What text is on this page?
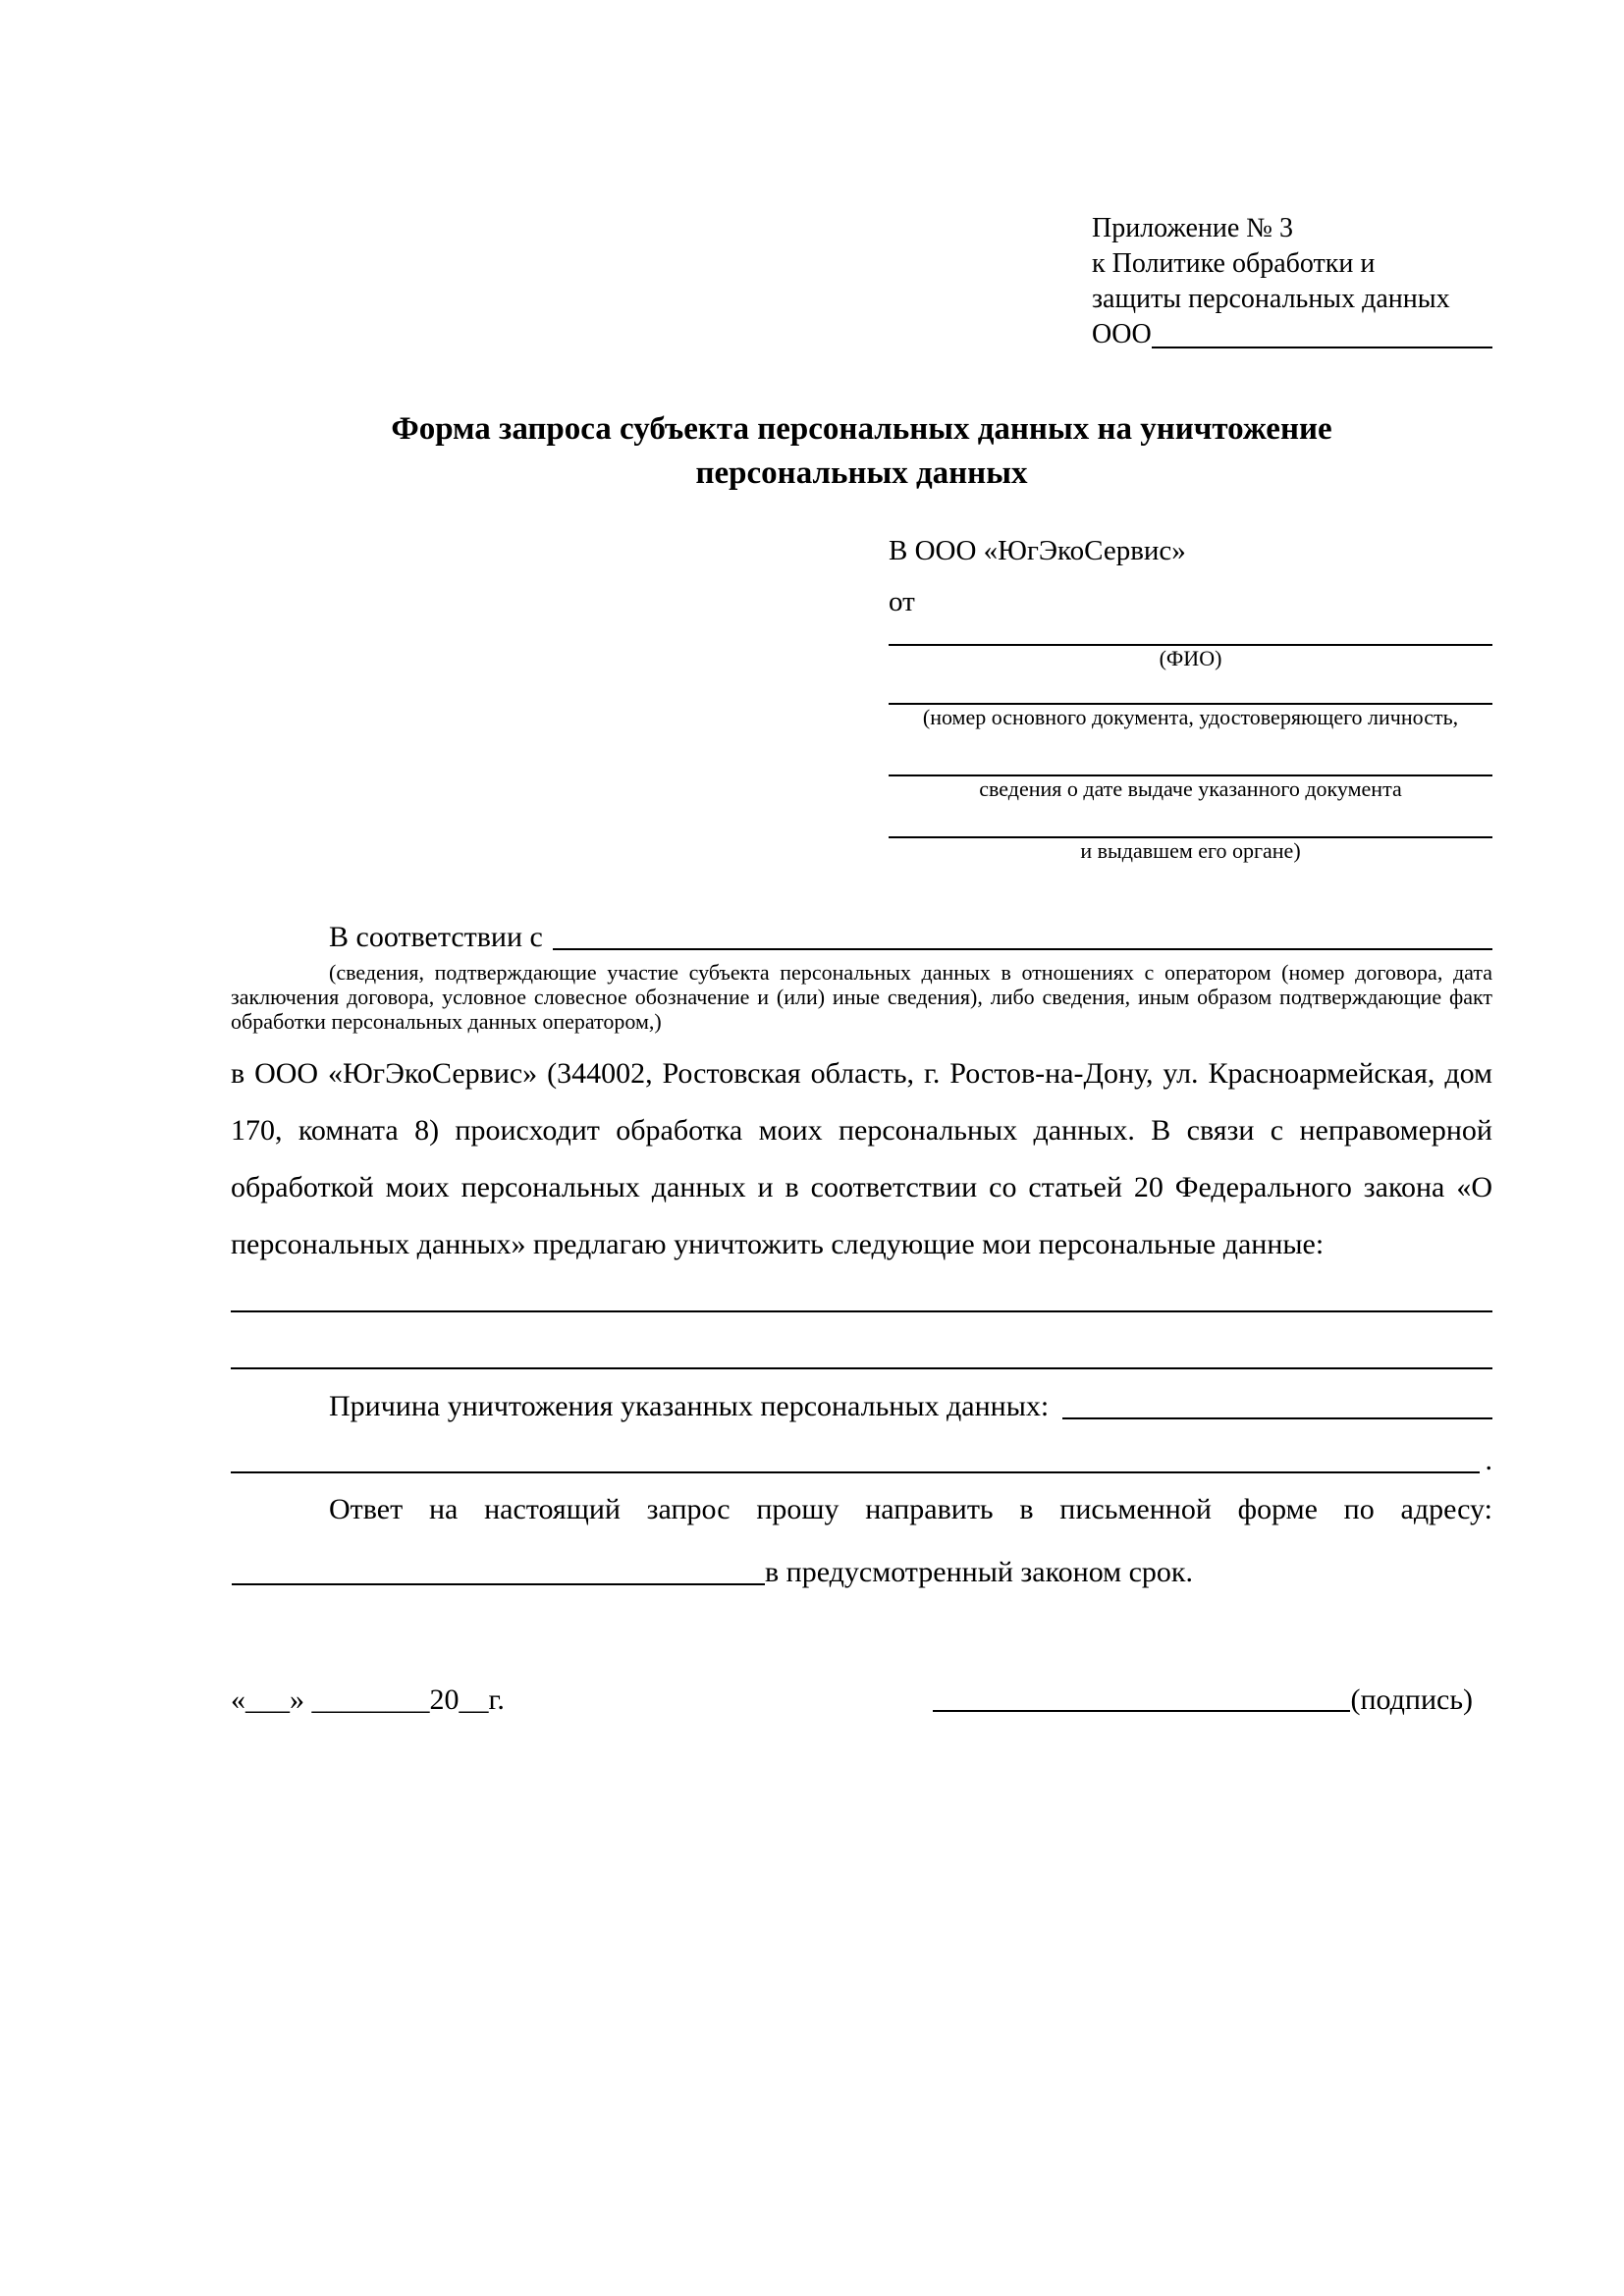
Приложение № 3
к Политике обработки и
защиты персональных данных
ООО
Форма запроса субъекта персональных данных на уничтожение
персональных данных
В ООО «ЮгЭкоСервис»
от
(ФИО)
(номер основного документа, удостоверяющего личность,
сведения о дате выдаче указанного документа
и выдавшем его органе)
В соответствии с
(сведения, подтверждающие участие субъекта персональных данных в отношениях с оператором (номер договора, дата заключения договора, условное словесное обозначение и (или) иные сведения), либо сведения, иным образом подтверждающие факт обработки персональных данных оператором,)
в ООО «ЮгЭкоСервис» (344002, Ростовская область, г. Ростов-на-Дону, ул. Красноармейская, дом 170, комната 8) происходит обработка моих персональных данных. В связи с неправомерной обработкой моих персональных данных и в соответствии со статьей 20 Федерального закона «О персональных данных» предлагаю уничтожить следующие мои персональные данные:
Причина уничтожения указанных персональных данных:
.
Ответ на настоящий запрос прошу направить в письменной форме по адресу:
в предусмотренный законом срок.
«___» ________20__г.	(подпись)
